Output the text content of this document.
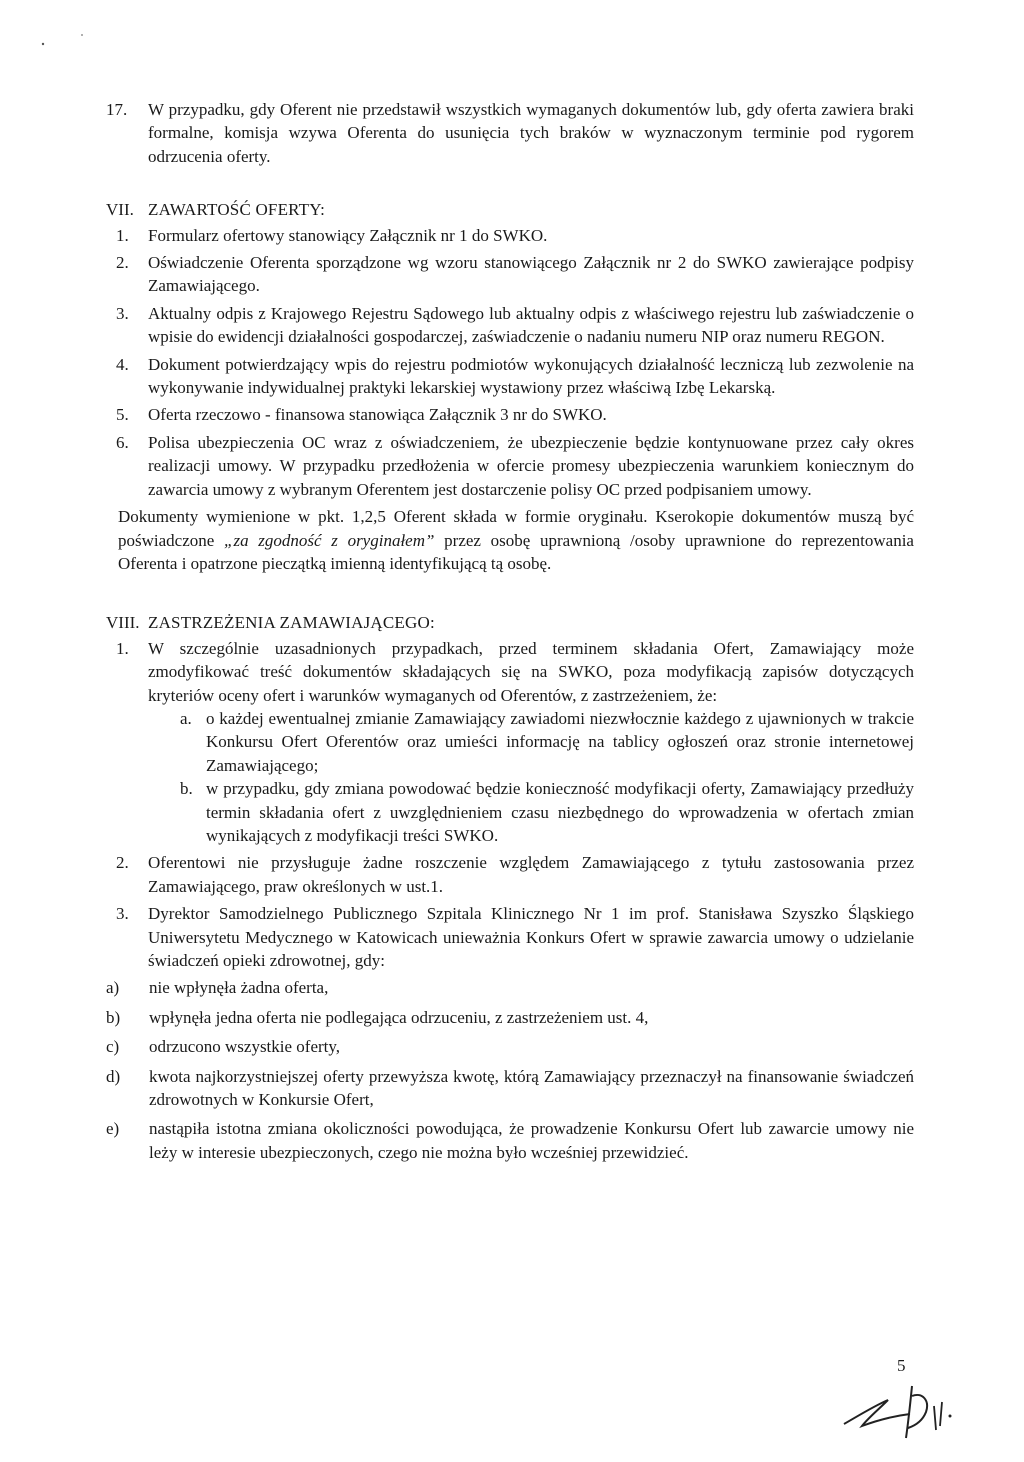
17. W przypadku, gdy Oferent nie przedstawił wszystkich wymaganych dokumentów lub, gdy oferta zawiera braki formalne, komisja wzywa Oferenta do usunięcia tych braków w wyznaczonym terminie pod rygorem odrzucenia oferty.

VII. ZAWARTOŚĆ OFERTY:

1. Formularz ofertowy stanowiący Załącznik nr 1 do SWKO.

2. Oświadczenie Oferenta sporządzone wg wzoru stanowiącego Załącznik nr 2 do SWKO zawierające podpisy Zamawiającego.

3. Aktualny odpis z Krajowego Rejestru Sądowego lub aktualny odpis z właściwego rejestru lub zaświadczenie o wpisie do ewidencji działalności gospodarczej, zaświadczenie o nadaniu numeru NIP oraz numeru REGON.

4. Dokument potwierdzający wpis do rejestru podmiotów wykonujących działalność leczniczą lub zezwolenie na wykonywanie indywidualnej praktyki lekarskiej wystawiony przez właściwą Izbę Lekarską.

5. Oferta rzeczowo - finansowa stanowiąca Załącznik 3 nr do SWKO.

6. Polisa ubezpieczenia OC wraz z oświadczeniem, że ubezpieczenie będzie kontynuowane przez cały okres realizacji umowy. W przypadku przedłożenia w ofercie promesy ubezpieczenia warunkiem koniecznym do zawarcia umowy z wybranym Oferentem jest dostarczenie polisy OC przed podpisaniem umowy.

Dokumenty wymienione w pkt. 1,2,5 Oferent składa w formie oryginału. Kserokopie dokumentów muszą być poświadczone „za zgodność z oryginałem” przez osobę uprawnioną /osoby uprawnione do reprezentowania Oferenta i opatrzone pieczątką imienną identyfikującą tą osobę.

VIII. ZASTRZEŻENIA ZAMAWIAJĄCEGO:

1. W szczególnie uzasadnionych przypadkach, przed terminem składania Ofert, Zamawiający może zmodyfikować treść dokumentów składających się na SWKO, poza modyfikacją zapisów dotyczących kryteriów oceny ofert i warunków wymaganych od Oferentów, z zastrzeżeniem, że:

a. o każdej ewentualnej zmianie Zamawiający zawiadomi niezwłocznie każdego z ujawnionych w trakcie Konkursu Ofert Oferentów oraz umieści informację na tablicy ogłoszeń oraz stronie internetowej Zamawiającego;

b. w przypadku, gdy zmiana powodować będzie konieczność modyfikacji oferty, Zamawiający przedłuży termin składania ofert z uwzględnieniem czasu niezbędnego do wprowadzenia w ofertach zmian wynikających z modyfikacji treści SWKO.

2. Oferentowi nie przysługuje żadne roszczenie względem Zamawiającego z tytułu zastosowania przez Zamawiającego, praw określonych w ust.1.

3. Dyrektor Samodzielnego Publicznego Szpitala Klinicznego Nr 1 im prof. Stanisława Szyszko Śląskiego Uniwersytetu Medycznego w Katowicach unieważnia Konkurs Ofert w sprawie zawarcia umowy o udzielanie świadczeń opieki zdrowotnej, gdy:

a) nie wpłynęła żadna oferta,

b) wpłynęła jedna oferta nie podlegająca odrzuceniu, z zastrzeżeniem ust. 4,

c) odrzucono wszystkie oferty,

d) kwota najkorzystniejszej oferty przewyższa kwotę, którą Zamawiający przeznaczył na finansowanie świadczeń zdrowotnych w Konkursie Ofert,

e) nastąpiła istotna zmiana okoliczności powodująca, że prowadzenie Konkursu Ofert lub zawarcie umowy nie leży w interesie ubezpieczonych, czego nie można było wcześniej przewidzieć.

5
